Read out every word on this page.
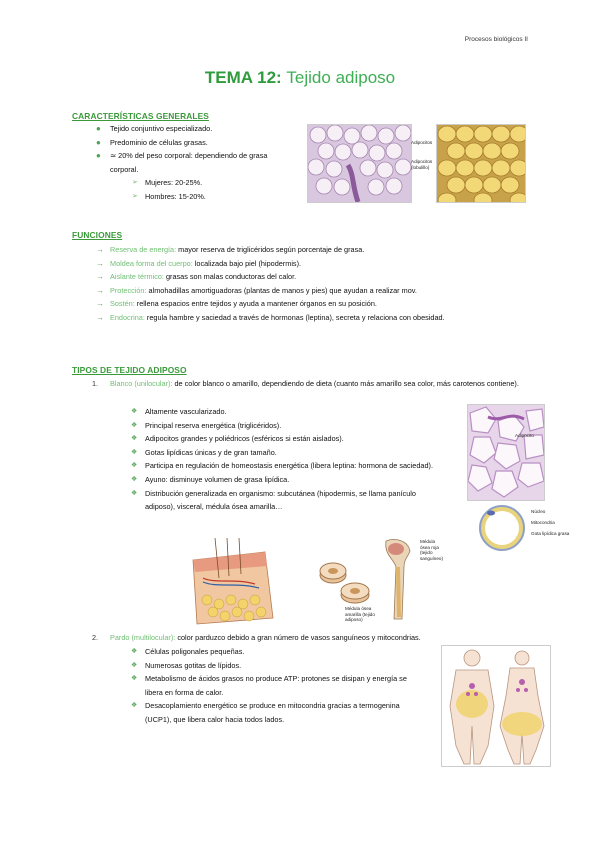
Procesos biológicos II
TEMA 12: Tejido adiposo
CARACTERÍSTICAS GENERALES
● Tejido conjuntivo especializado.
● Predominio de células grasas.
● ≃ 20% del peso corporal: dependiendo de grasa corporal.
➢ Mujeres: 20-25%.
➢ Hombres: 15-20%.
Adipocitos
Adipocitos (lobulillo)
FUNCIONES
→ Reserva de energía: mayor reserva de triglicéridos según porcentaje de grasa.
→ Moldea forma del cuerpo: localizada bajo piel (hipodermis).
→ Aislante térmico: grasas son malas conductoras del calor.
→ Protección: almohadillas amortiguadoras (plantas de manos y pies) que ayudan a realizar mov.
→ Sostén: rellena espacios entre tejidos y ayuda a mantener órganos en su posición.
→ Endocrina: regula hambre y saciedad a través de hormonas (leptina), secreta y relaciona con obesidad.
TIPOS DE TEJIDO ADIPOSO
1. Blanco (unilocular): de color blanco o amarillo, dependiendo de dieta (cuanto más amarillo sea color, más carotenos contiene).
❖ Altamente vascularizado.
❖ Principal reserva energética (triglicéridos).
❖ Adipocitos grandes y poliédricos (esféricos si están aislados).
❖ Gotas lipídicas únicas y de gran tamaño.
❖ Participa en regulación de homeostasis energética (libera leptina: hormona de saciedad).
❖ Ayuno: disminuye volumen de grasa lipídica.
❖ Distribución generalizada en organismo: subcutánea (hipodermis, se llama panículo adiposo), visceral, médula ósea amarilla…
Adipocito
Núcleo
Mitocondria
Gota lipídica grasa
Médula ósea roja (tejido sanguíneo)
Médula ósea amarilla (tejido adiposo)
2. Pardo (multilocular): color parduzco debido a gran número de vasos sanguíneos y mitocondrias.
❖ Células poligonales pequeñas.
❖ Numerosas gotitas de lípidos.
❖ Metabolismo de ácidos grasos no produce ATP: protones se disipan y energía se libera en forma de calor.
❖ Desacoplamiento energético se produce en mitocondria gracias a termogenina (UCP1), que libera calor hacia todos lados.
